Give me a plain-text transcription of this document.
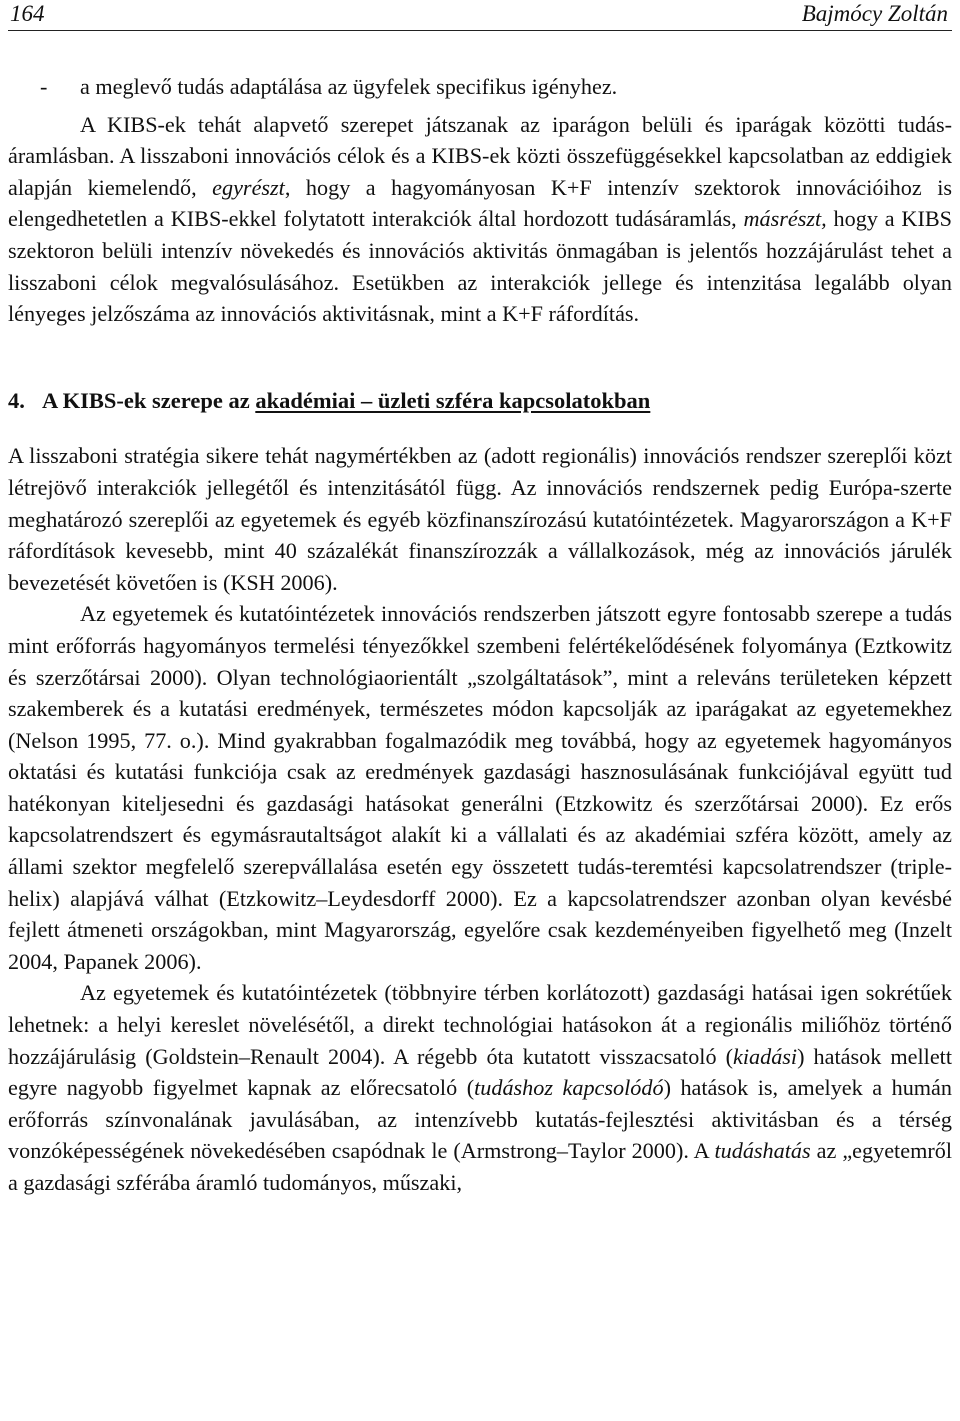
164	Bajmócy Zoltán

- a meglevő tudás adaptálása az ügyfelek specifikus igényhez.

A KIBS-ek tehát alapvető szerepet játszanak az iparágon belüli és iparágak közötti tudás-áramlásban. A lisszaboni innovációs célok és a KIBS-ek közti összefüggésekkel kapcsolatban az eddigiek alapján kiemelendő, egyrészt, hogy a hagyományosan K+F intenzív szektorok innovációihoz is elengedhetetlen a KIBS-ekkel folytatott interakciók által hordozott tudásáramlás, másrészt, hogy a KIBS szektoron belüli intenzív növekedés és innovációs aktivitás önmagában is jelentős hozzájárulást tehet a lisszaboni célok megvalósulásához. Esetükben az interakciók jellege és intenzitása legalább olyan lényeges jelzőszáma az innovációs aktivitásnak, mint a K+F ráfordítás.

4. A KIBS-ek szerepe az akadémiai – üzleti szféra kapcsolatokban

A lisszaboni stratégia sikere tehát nagymértékben az (adott regionális) innovációs rendszer szereplői közt létrejövő interakciók jellegétől és intenzitásától függ. Az innovációs rendszernek pedig Európa-szerte meghatározó szereplői az egyetemek és egyéb közfinanszírozású kutatóintézetek. Magyarországon a K+F ráfordítások kevesebb, mint 40 százalékát finanszírozzák a vállalkozások, még az innovációs járulék bevezetését követően is (KSH 2006).

Az egyetemek és kutatóintézetek innovációs rendszerben játszott egyre fontosabb szerepe a tudás mint erőforrás hagyományos termelési tényezőkkel szembeni felértékelődésének folyománya (Eztkowitz és szerzőtársai 2000). Olyan technológiaorientált „szolgáltatások”, mint a releváns területeken képzett szakemberek és a kutatási eredmények, természetes módon kapcsolják az iparágakat az egyetemekhez (Nelson 1995, 77. o.). Mind gyakrabban fogalmazódik meg továbbá, hogy az egyetemek hagyományos oktatási és kutatási funkciója csak az eredmények gazdasági hasznosulásának funkciójával együtt tud hatékonyan kiteljesedni és gazdasági hatásokat generálni (Etzkowitz és szerzőtársai 2000). Ez erős kapcsolatrendszert és egymásrautaltságot alakít ki a vállalati és az akadémiai szféra között, amely az állami szektor megfelelő szerepvállalása esetén egy összetett tudás-teremtési kapcsolatrendszer (triple-helix) alapjává válhat (Etzkowitz–Leydesdorff 2000). Ez a kapcsolatrendszer azonban olyan kevésbé fejlett átmeneti országokban, mint Magyarország, egyelőre csak kezdeményeiben figyelhető meg (Inzelt 2004, Papanek 2006).

Az egyetemek és kutatóintézetek (többnyire térben korlátozott) gazdasági hatásai igen sokrétűek lehetnek: a helyi kereslet növelésétől, a direkt technológiai hatásokon át a regionális miliőhöz történő hozzájárulásig (Goldstein–Renault 2004). A régebb óta kutatott visszacsatoló (kiadási) hatások mellett egyre nagyobb figyelmet kapnak az előrecsatoló (tudáshoz kapcsolódó) hatások is, amelyek a humán erőforrás színvonalának javulásában, az intenzívebb kutatás-fejlesztési aktivitásban és a térség vonzóképességének növekedésében csapódnak le (Armstrong–Taylor 2000). A tudáshatás az „egyetemről a gazdasági szférába áramló tudományos, műszaki,
